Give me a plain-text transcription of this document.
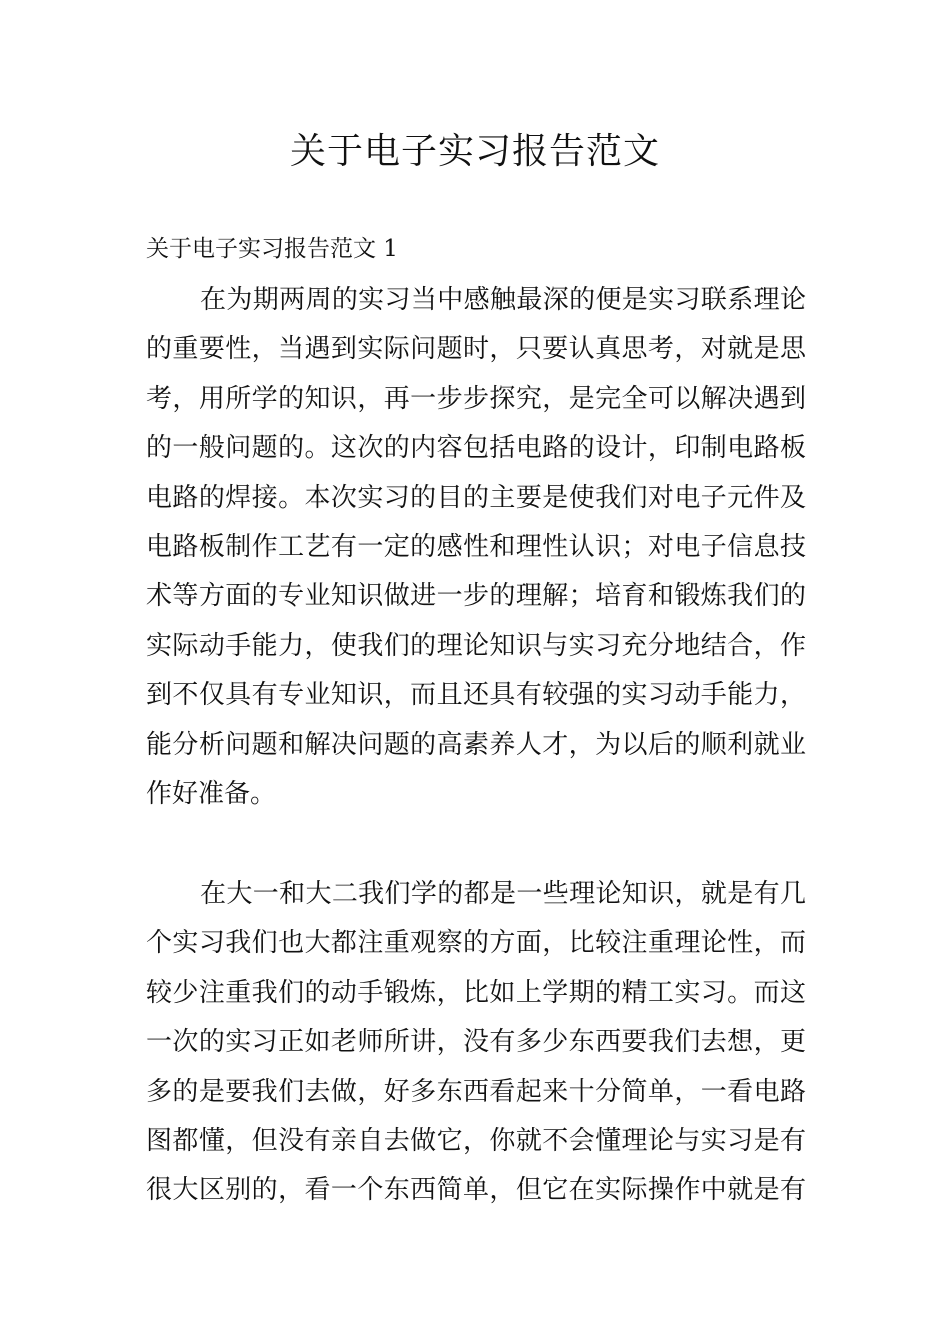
关于电子实习报告范文
关于电子实习报告范文 1
在为期两周的实习当中感触最深的便是实习联系理论
的重要性，当遇到实际问题时，只要认真思考，对就是思
考，用所学的知识，再一步步探究，是完全可以解决遇到
的一般问题的。这次的内容包括电路的设计，印制电路板
电路的焊接。本次实习的目的主要是使我们对电子元件及
电路板制作工艺有一定的感性和理性认识；对电子信息技
术等方面的专业知识做进一步的理解；培育和锻炼我们的
实际动手能力，使我们的理论知识与实习充分地结合，作
到不仅具有专业知识，而且还具有较强的实习动手能力，
能分析问题和解决问题的高素养人才，为以后的顺利就业
作好准备。
在大一和大二我们学的都是一些理论知识，就是有几
个实习我们也大都注重观察的方面，比较注重理论性，而
较少注重我们的动手锻炼，比如上学期的精工实习。而这
一次的实习正如老师所讲，没有多少东西要我们去想，更
多的是要我们去做，好多东西看起来十分简单，一看电路
图都懂，但没有亲自去做它，你就不会懂理论与实习是有
很大区别的，看一个东西简单，但它在实际操作中就是有
